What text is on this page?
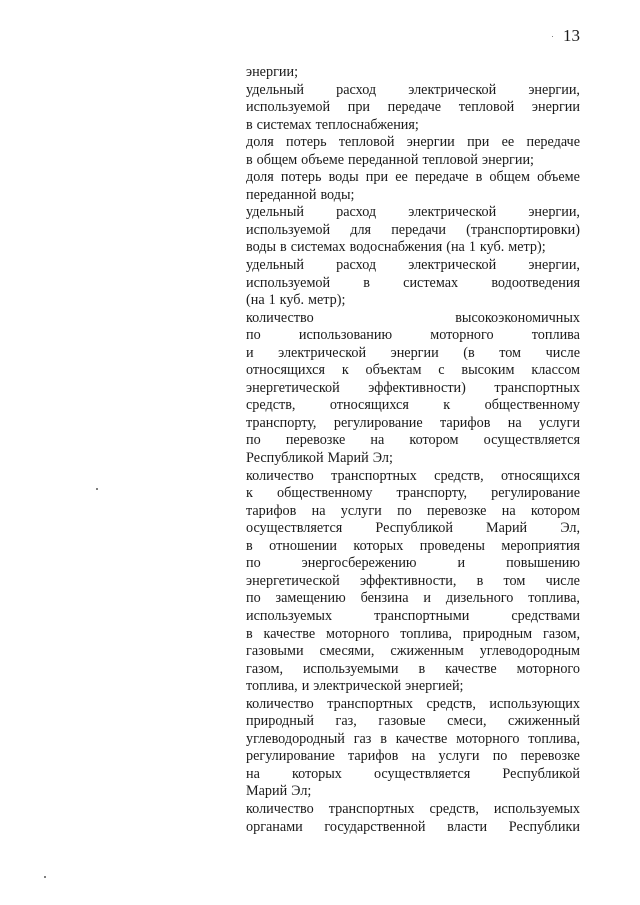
13
энергии;
удельный расход электрической энергии,
используемой при передаче тепловой энергии
в системах теплоснабжения;
доля потерь тепловой энергии при ее передаче
в общем объеме переданной тепловой энергии;
доля потерь воды при ее передаче в общем объеме
переданной воды;
удельный расход электрической энергии,
используемой для передачи (транспортировки)
воды в системах водоснабжения (на 1 куб. метр);
удельный расход электрической энергии,
используемой в системах водоотведения
(на 1 куб. метр);
количество	высокоэкономичных
по	использованию	моторного	топлива
и электрической энергии (в том числе
относящихся к объектам с высоким классом
энергетической эффективности) транспортных
средств, относящихся к общественному
транспорту, регулирование тарифов на услуги
по перевозке на котором осуществляется
Республикой Марий Эл;
количество транспортных средств, относящихся
к общественному транспорту, регулирование
тарифов на услуги по перевозке на котором
осуществляется Республикой Марий Эл,
в отношении которых проведены мероприятия
по	энергосбережению	и	повышению
энергетической эффективности, в том числе
по замещению бензина и дизельного топлива,
используемых	транспортными	средствами
в качестве моторного топлива, природным газом,
газовыми смесями, сжиженным углеводородным
газом, используемыми в качестве моторного
топлива, и электрической энергией;
количество транспортных средств, использующих
природный газ, газовые смеси, сжиженный
углеводородный газ в качестве моторного топлива,
регулирование тарифов на услуги по перевозке
на которых осуществляется Республикой
Марий Эл;
количество транспортных средств, используемых
органами государственной власти Республики
